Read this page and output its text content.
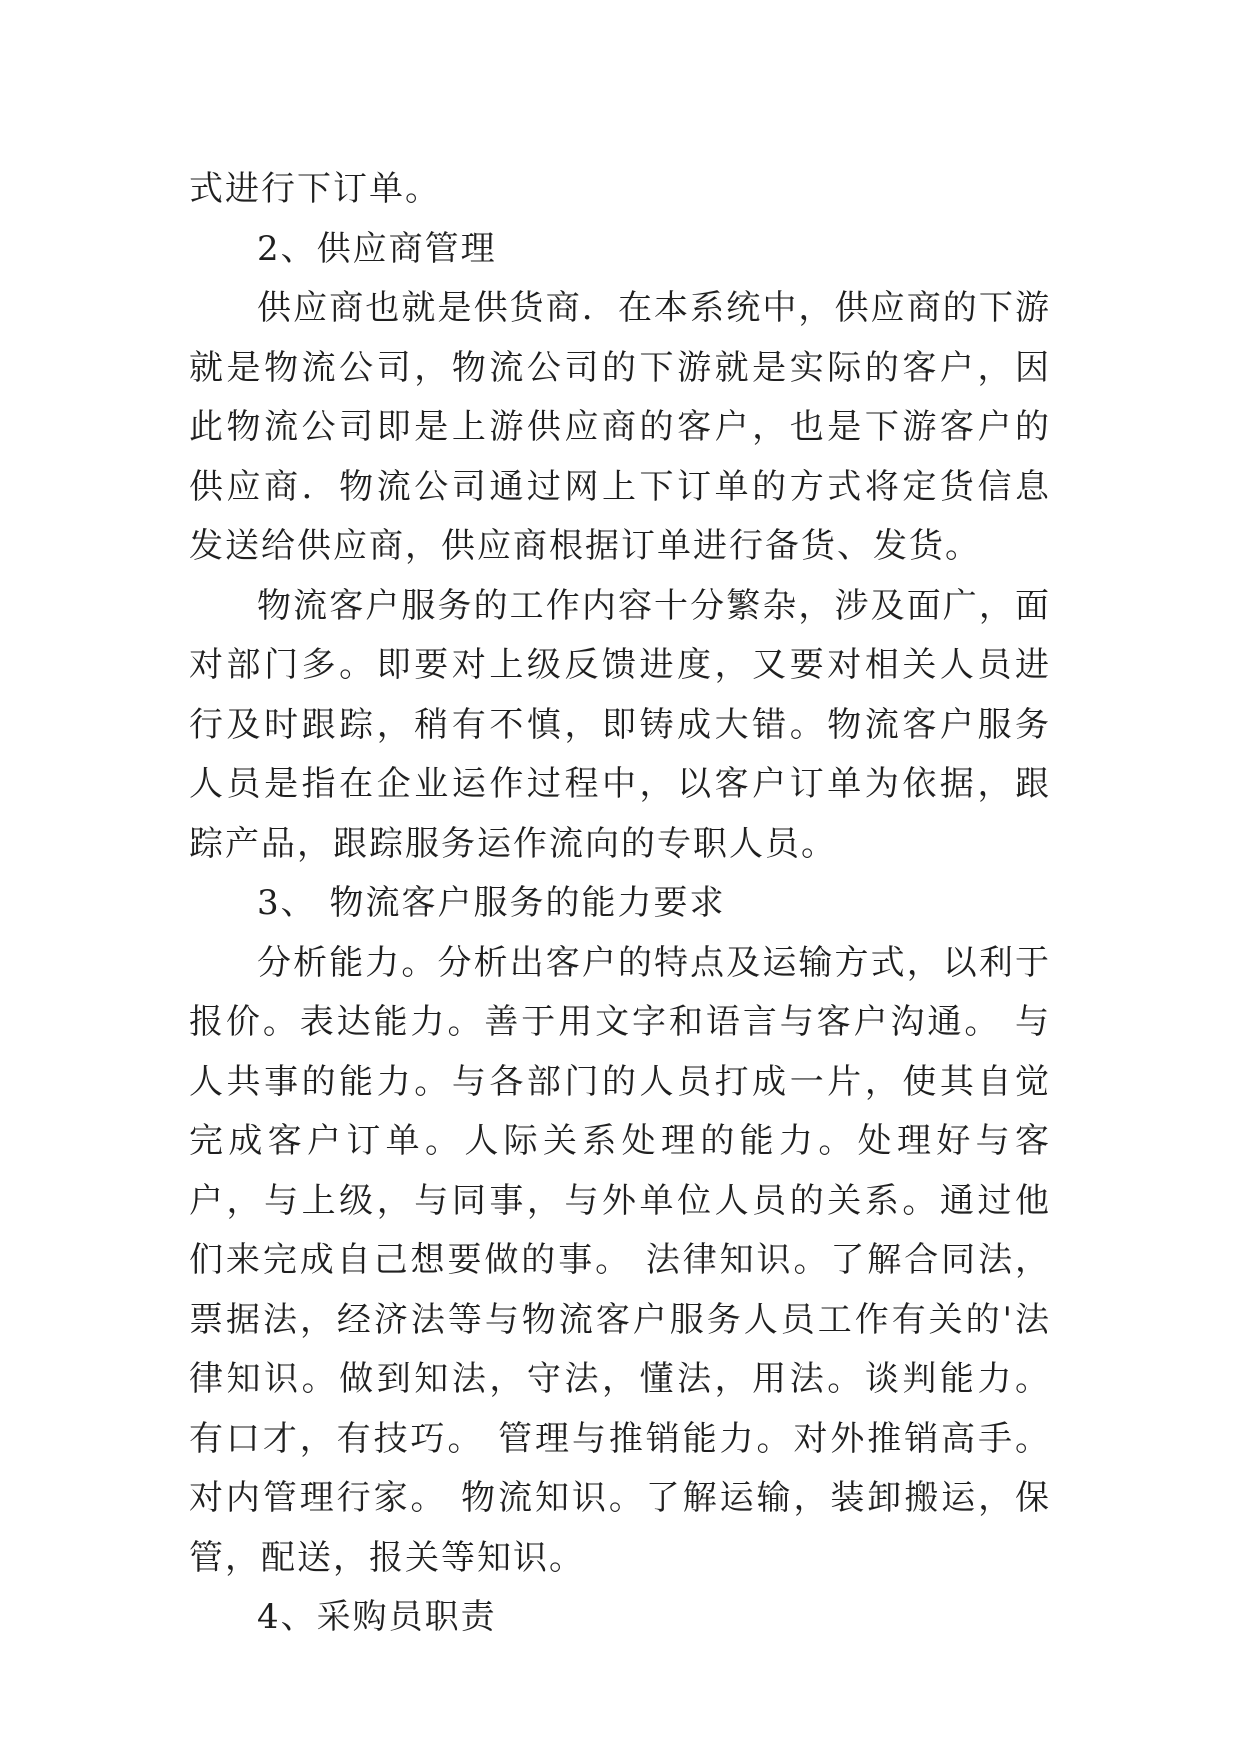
式进行下订单。

2、供应商管理

供应商也就是供货商．在本系统中，供应商的下游就是物流公司，物流公司的下游就是实际的客户，因此物流公司即是上游供应商的客户，也是下游客户的供应商．物流公司通过网上下订单的方式将定货信息发送给供应商，供应商根据订单进行备货、发货。

物流客户服务的工作内容十分繁杂，涉及面广，面对部门多。即要对上级反馈进度，又要对相关人员进行及时跟踪，稍有不慎，即铸成大错。物流客户服务人员是指在企业运作过程中，以客户订单为依据，跟踪产品，跟踪服务运作流向的专职人员。

3、 物流客户服务的能力要求

分析能力。分析出客户的特点及运输方式，以利于报价。表达能力。善于用文字和语言与客户沟通。 与人共事的能力。与各部门的人员打成一片，使其自觉完成客户订单。人际关系处理的能力。处理好与客户，与上级，与同事，与外单位人员的关系。通过他们来完成自己想要做的事。 法律知识。了解合同法，票据法，经济法等与物流客户服务人员工作有关的'法律知识。做到知法，守法，懂法，用法。谈判能力。有口才，有技巧。 管理与推销能力。对外推销高手。对内管理行家。 物流知识。了解运输，装卸搬运，保管，配送，报关等知识。

4、采购员职责
